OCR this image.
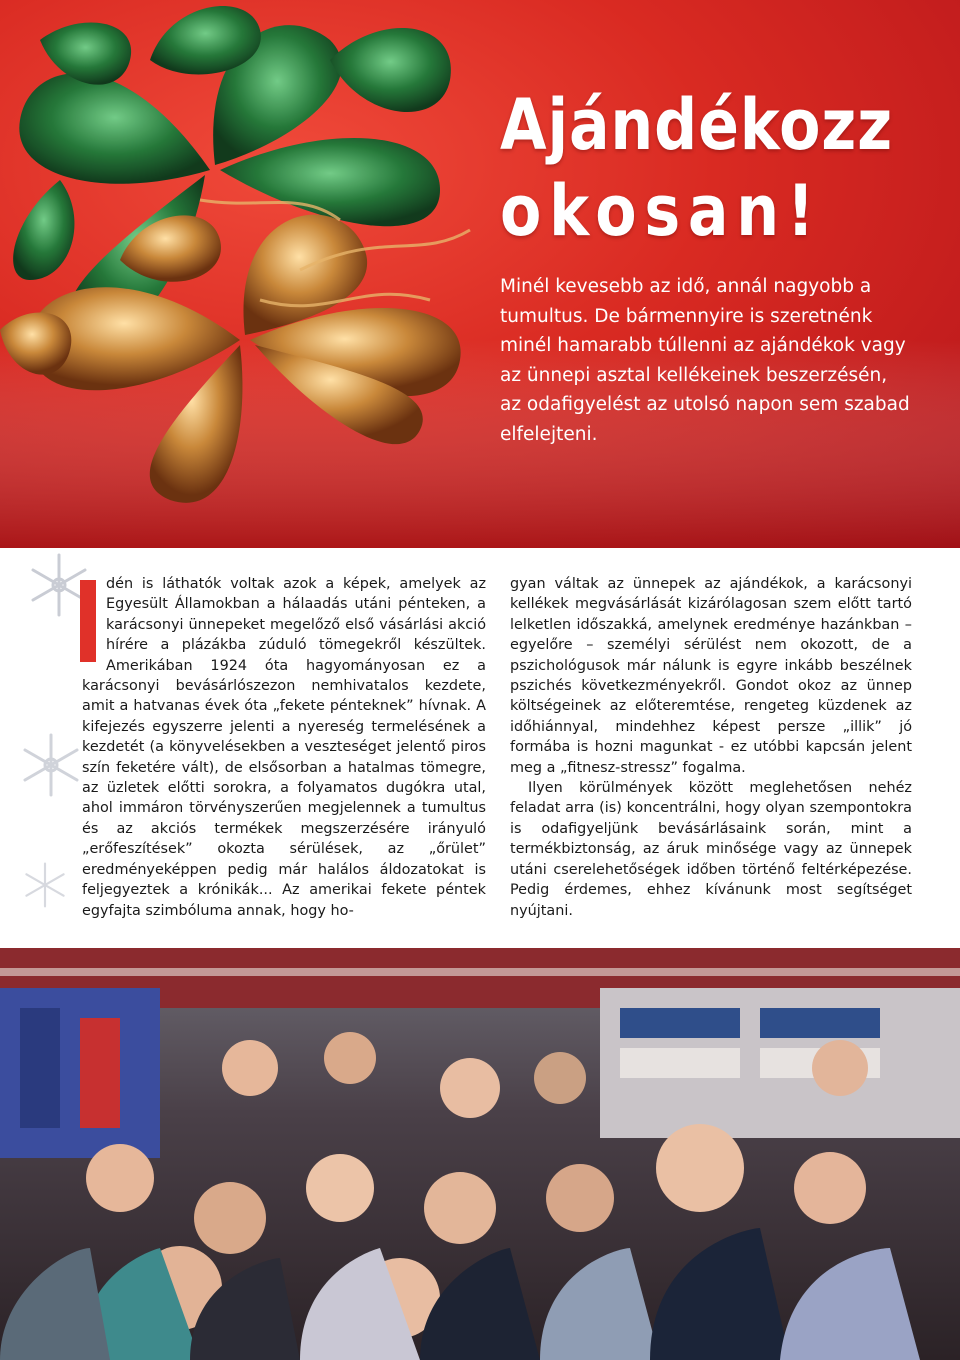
Ajándékozz
okosan!
Minél kevesebb az idő, annál nagyobb a tumultus. De bármennyire is szeretnénk minél hamarabb túllenni az ajándékok vagy az ünnepi asztal kellékeinek beszerzésén, az odafigyelést az utolsó napon sem szabad elfelejteni.

dén is láthatók voltak azok a képek, amelyek az Egyesült Államokban a hálaadás utáni pénteken, a karácsonyi ünnepeket megelőző első vásárlási akció hírére a plázákba zúduló tömegekről készültek. Amerikában 1924 óta hagyományosan ez a karácsonyi bevásárlószezon nemhivatalos kezdete, amit a hatvanas évek óta „fekete pénteknek” hívnak. A kifejezés egyszerre jelenti a nyereség termelésének a kezdetét (a könyvelésekben a veszteséget jelentő piros szín feketére vált), de elsősorban a hatalmas tömegre, az üzletek előtti sorokra, a folyamatos dugókra utal, ahol immáron törvényszerűen megjelennek a tumultus és az akciós termékek megszerzésére irányuló „erőfeszítések” okozta sérülések, az „őrület” eredményeképpen pedig már halálos áldozatokat is feljegyeztek a krónikák... Az amerikai fekete péntek egyfajta szimbóluma annak, hogy ho-

gyan váltak az ünnepek az ajándékok, a karácsonyi kellékek megvásárlását kizárólagosan szem előtt tartó lelketlen időszakká, amelynek eredménye hazánkban – egyelőre – személyi sérülést nem okozott, de a pszichológusok már nálunk is egyre inkább beszélnek pszichés következményekről. Gondot okoz az ünnep költségeinek az előteremtése, rengeteg küzdenek az időhiánnyal, mindehhez képest persze „illik” jó formába is hozni magunkat - ez utóbbi kapcsán jelent meg a „fitnesz-stressz” fogalma.

Ilyen körülmények között meglehetősen nehéz feladat arra (is) koncentrálni, hogy olyan szempontokra is odafigyeljünk bevásárlásaink során, mint a termékbiztonság, az áruk minősége vagy az ünnepek utáni cserelehetőségek időben történő feltérképezése. Pedig érdemes, ehhez kívánunk most segítséget nyújtani.
